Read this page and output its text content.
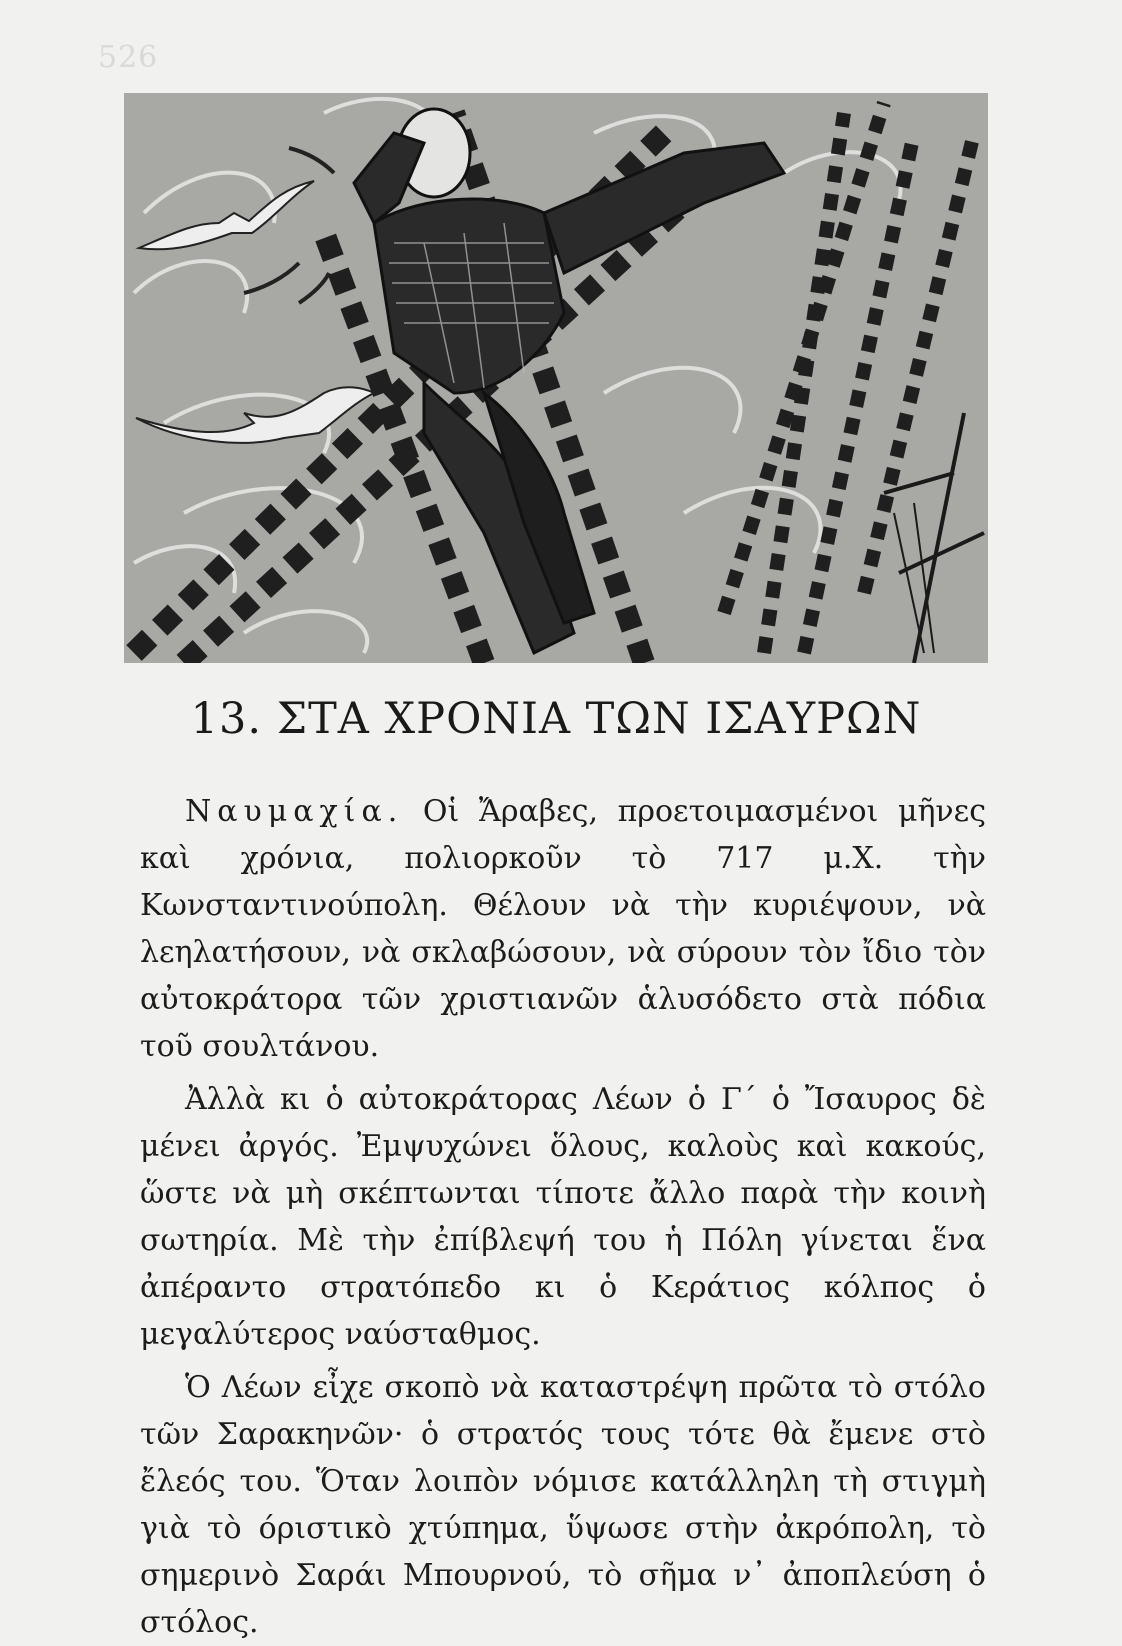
526
13. ΣΤΑ ΧΡΟΝΙΑ ΤΩΝ ΙΣΑΥΡΩΝ

Ναυμαχία. Οἱ Ἄραβες, προετοιμασμένοι μῆνες καὶ χρόνια, πολιορκοῦν τὸ 717 μ.Χ. τὴν Κωνσταντινούπολη. Θέλουν νὰ τὴν κυριέψουν, νὰ λεηλατήσουν, νὰ σκλαβώσουν, νὰ σύρουν τὸν ἴδιο τὸν αὐτοκράτορα τῶν χριστιανῶν ἁλυσόδετο στὰ πόδια τοῦ σουλτάνου.

Ἀλλὰ κι ὁ αὐτοκράτορας Λέων ὁ Γ΄ ὁ Ἴσαυρος δὲ μένει ἀργός. Ἐμψυχώνει ὅλους, καλοὺς καὶ κακούς, ὥστε νὰ μὴ σκέπτωνται τίποτε ἄλλο παρὰ τὴν κοινὴ σωτηρία. Μὲ τὴν ἐπίβλεψή του ἡ Πόλη γίνεται ἕνα ἀπέραντο στρατόπεδο κι ὁ Κεράτιος κόλπος ὁ μεγαλύτερος ναύσταθμος.

Ὁ Λέων εἶχε σκοπὸ νὰ καταστρέψη πρῶτα τὸ στόλο τῶν Σαρακηνῶν· ὁ στρατός τους τότε θὰ ἔμενε στὸ ἔλεός του. Ὅταν λοιπὸν νόμισε κατάλληλη τὴ στιγμὴ γιὰ τὸ όριστικὸ χτύπημα, ὕψωσε στὴν ἀκρόπολη, τὸ σημερινὸ Σαράι Μπουρνού, τὸ σῆμα ν᾽ ἀποπλεύση ὁ στόλος.
